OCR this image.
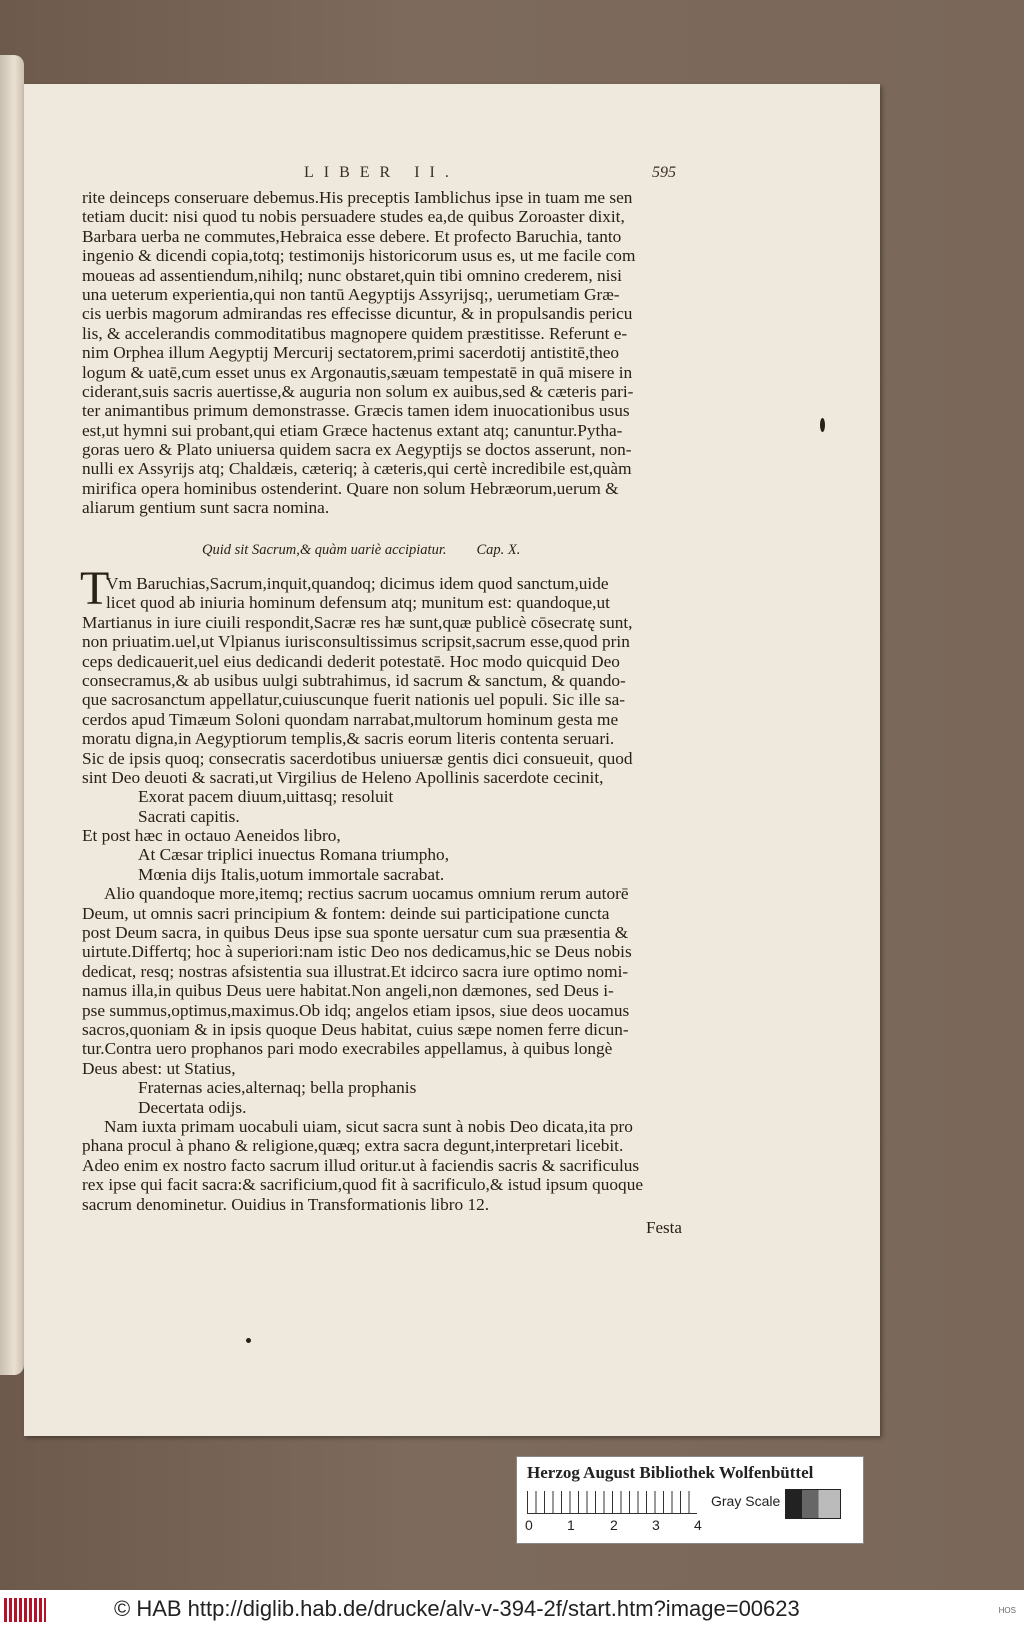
LIBER II.	595
rite deinceps conseruare debemus.His preceptis Iamblichus ipse in tuam me sen
tetiam ducit: nisi quod tu nobis persuadere studes ea,de quibus Zoroaster dixit,
Barbara uerba ne commutes,Hebraica esse debere. Et profecto Baruchia, tanto
ingenio & dicendi copia,totq; testimonijs historicorum usus es, ut me facile com
moueas ad assentiendum,nihilq; nunc obstaret,quin tibi omnino crederem, nisi
una ueterum experientia,qui non tantū Aegyptijs Assyrijsq;, uerumetiam Græ-
cis uerbis magorum admirandas res effecisse dicuntur, & in propulsandis pericu
lis, & accelerandis commoditatibus magnopere quidem præstitisse. Referunt e-
nim Orphea illum Aegyptij Mercurij sectatorem,primi sacerdotij antistitē,theo
logum & uatē,cum esset unus ex Argonautis,sæuam tempestatē in quā misere in
ciderant,suis sacris auertisse,& auguria non solum ex auibus,sed & cæteris pari-
ter animantibus primum demonstrasse. Græcis tamen idem inuocationibus usus
est,ut hymni sui probant,qui etiam Græce hactenus extant atq; canuntur.Pytha-
goras uero & Plato uniuersa quidem sacra ex Aegyptijs se doctos asserunt, non-
nulli ex Assyrijs atq; Chaldæis, cæteriq; à cæteris,qui certè incredibile est,quàm
mirifica opera hominibus ostenderint. Quare non solum Hebræorum,uerum &
aliarum gentium sunt sacra nomina.
Quid sit Sacrum,& quàm uariè accipiatur. Cap. X.
T
Vm Baruchias,Sacrum,inquit,quandoq; dicimus idem quod sanctum,uide
licet quod ab iniuria hominum defensum atq; munitum est: quandoque,ut
Martianus in iure ciuili respondit,Sacræ res hæ sunt,quæ publicè cōsecratę sunt,
non priuatim.uel,ut Vlpianus iurisconsultissimus scripsit,sacrum esse,quod prin
ceps dedicauerit,uel eius dedicandi dederit potestatē. Hoc modo quicquid Deo
consecramus,& ab usibus uulgi subtrahimus, id sacrum & sanctum, & quando-
que sacrosanctum appellatur,cuiuscunque fuerit nationis uel populi. Sic ille sa-
cerdos apud Timæum Soloni quondam narrabat,multorum hominum gesta me
moratu digna,in Aegyptiorum templis,& sacris eorum literis contenta seruari.
Sic de ipsis quoq; consecratis sacerdotibus uniuersæ gentis dici consueuit, quod
sint Deo deuoti & sacrati,ut Virgilius de Heleno Apollinis sacerdote cecinit,
Exorat pacem diuum,uittasq; resoluit
Sacrati capitis.
Et post hæc in octauo Aeneidos libro,
At Cæsar triplici inuectus Romana triumpho,
Mœnia dijs Italis,uotum immortale sacrabat.
Alio quandoque more,itemq; rectius sacrum uocamus omnium rerum autorē
Deum, ut omnis sacri principium & fontem: deinde sui participatione cuncta
post Deum sacra, in quibus Deus ipse sua sponte uersatur cum sua præsentia &
uirtute.Differtq; hoc à superiori:nam istic Deo nos dedicamus,hic se Deus nobis
dedicat, resq; nostras afsistentia sua illustrat.Et idcirco sacra iure optimo nomi-
namus illa,in quibus Deus uere habitat.Non angeli,non dæmones, sed Deus i-
pse summus,optimus,maximus.Ob idq; angelos etiam ipsos, siue deos uocamus
sacros,quoniam & in ipsis quoque Deus habitat, cuius sæpe nomen ferre dicun-
tur.Contra uero prophanos pari modo execrabiles appellamus, à quibus longè
Deus abest: ut Statius,
Fraternas acies,alternaq; bella prophanis
Decertata odijs.
Nam iuxta primam uocabuli uiam, sicut sacra sunt à nobis Deo dicata,ita pro
phana procul à phano & religione,quæq; extra sacra degunt,interpretari licebit.
Adeo enim ex nostro facto sacrum illud oritur.ut à faciendis sacris & sacrificulus
rex ipse qui facit sacra:& sacrificium,quod fit à sacrificulo,& istud ipsum quoque
sacrum denominetur. Ouidius in Transformationis libro 12.
Festa
Herzog August Bibliothek Wolfenbüttel
0 1	2 3 4
Gray Scale
© HAB http://diglib.hab.de/drucke/alv-v-394-2f/start.htm?image=00623	HOS
